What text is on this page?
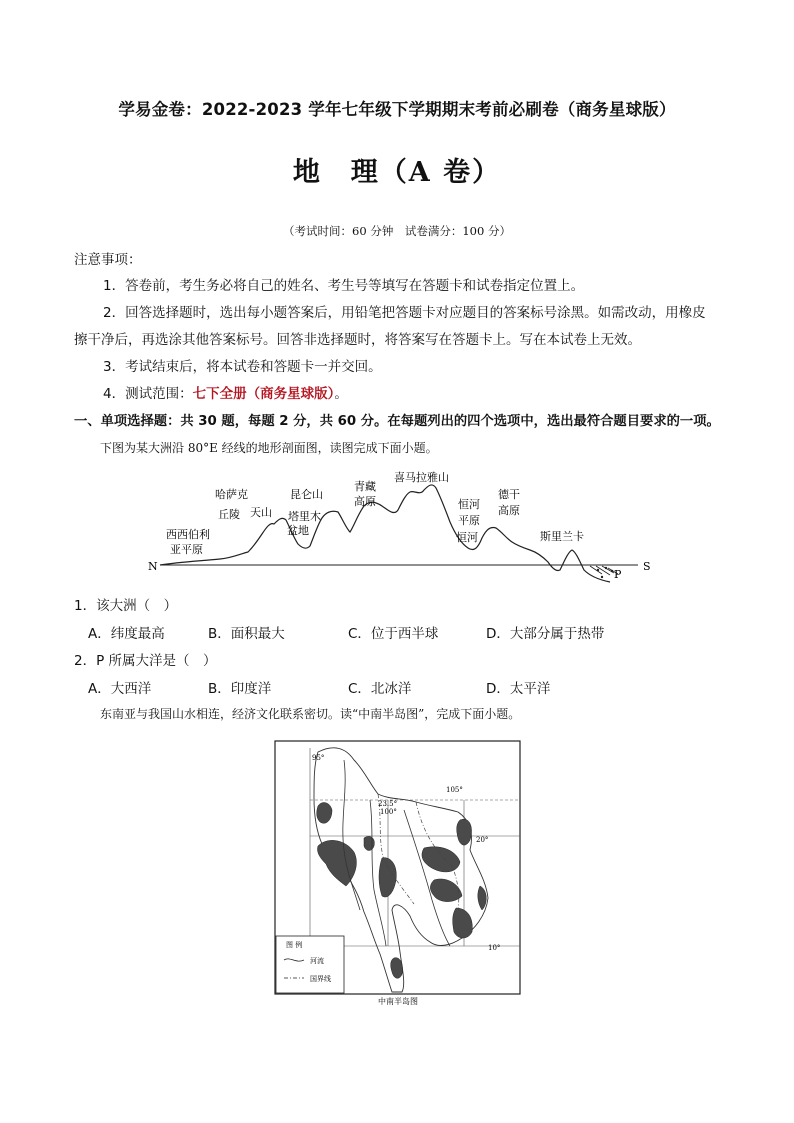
学易金卷：2022-2023 学年七年级下学期期末考前必刷卷（商务星球版）
地　理（A 卷）
（考试时间：60 分钟　试卷满分：100 分）
注意事项：
1．答卷前，考生务必将自己的姓名、考生号等填写在答题卡和试卷指定位置上。
2．回答选择题时，选出每小题答案后，用铅笔把答题卡对应题目的答案标号涂黑。如需改动，用橡皮
擦干净后，再选涂其他答案标号。回答非选择题时，将答案写在答题卡上。写在本试卷上无效。
3．考试结束后，将本试卷和答题卡一并交回。
4．测试范围：七下全册（商务星球版）。
一、单项选择题：共 30 题，每题 2 分，共 60 分。在每题列出的四个选项中，选出最符合题目要求的一项。
下图为某大洲沿 80°E 经线的地形剖面图，读图完成下面小题。
N	S
P
西西伯利
亚平原
哈萨克
丘陵 天山
昆仑山
塔里木
盆地
青藏
高原
喜马拉雅山
恒河
平原
恒河
德干
高原
斯里兰卡
1．该大洲（　）
A．纬度最高	B．面积最大	C．位于西半球	D．大部分属于热带
2．P 所属大洋是（　）
A．大西洋	B．印度洋	C．北冰洋	D．太平洋
东南亚与我国山水相连，经济文化联系密切。读“中南半岛图”，完成下面小题。
95°
23.5°
100°
105°
20°
10°
图 例
河流
国界线
中南半岛图
